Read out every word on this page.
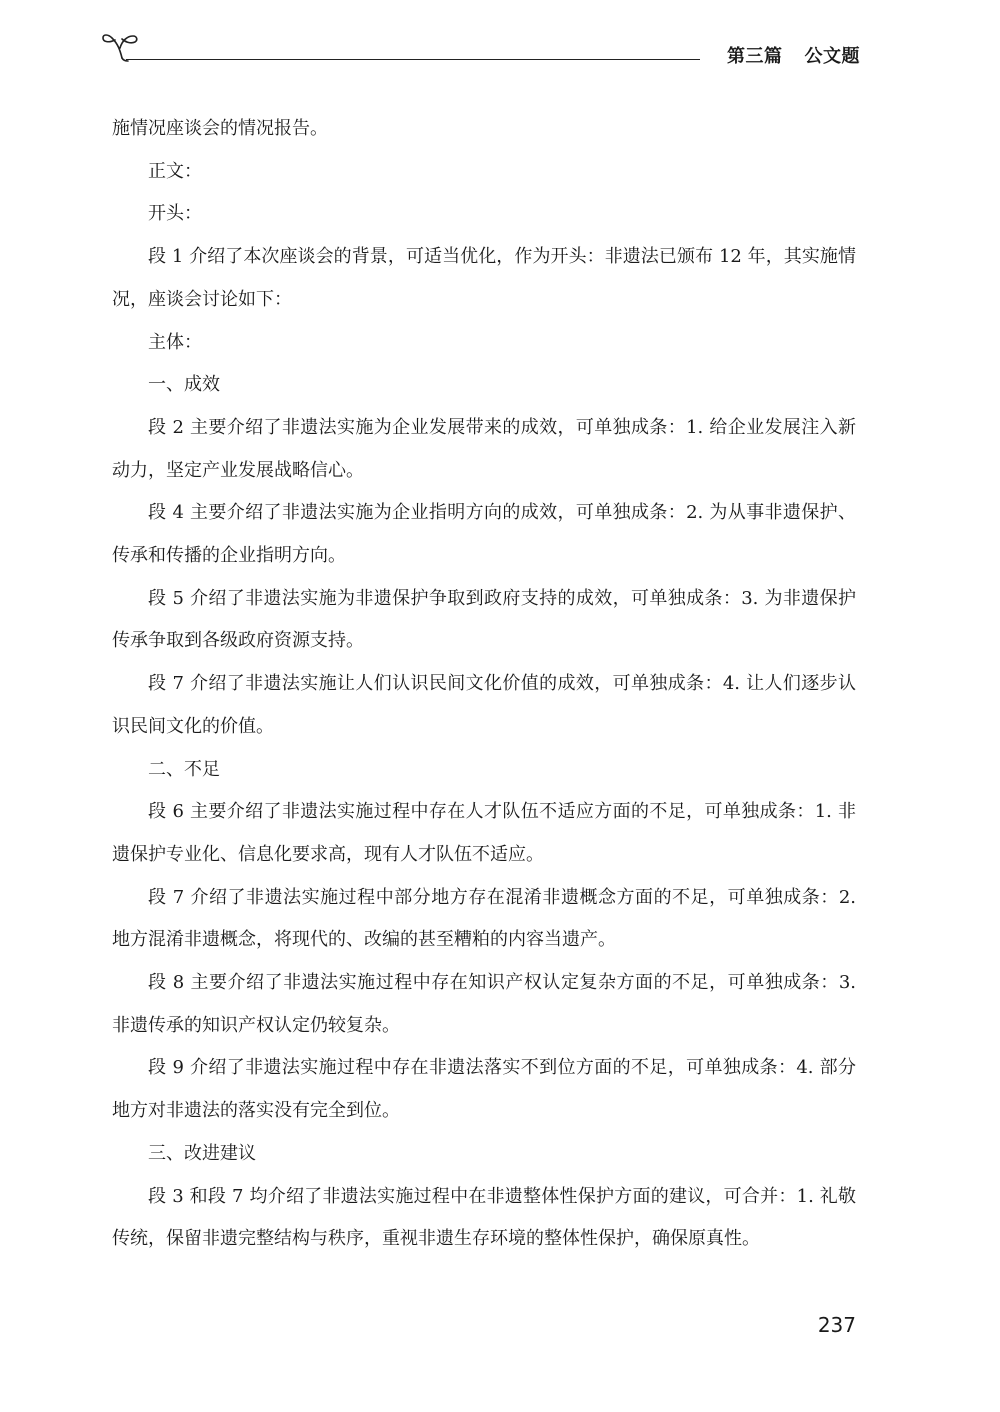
第三篇 公文题

施情况座谈会的情况报告。

正文：

开头：

段 1 介绍了本次座谈会的背景，可适当优化，作为开头：非遗法已颁布 12 年，其实施情况，座谈会讨论如下：

主体：

一、成效

段 2 主要介绍了非遗法实施为企业发展带来的成效，可单独成条：1. 给企业发展注入新动力，坚定产业发展战略信心。

段 4 主要介绍了非遗法实施为企业指明方向的成效，可单独成条：2. 为从事非遗保护、传承和传播的企业指明方向。

段 5 介绍了非遗法实施为非遗保护争取到政府支持的成效，可单独成条：3. 为非遗保护传承争取到各级政府资源支持。

段 7 介绍了非遗法实施让人们认识民间文化价值的成效，可单独成条：4. 让人们逐步认识民间文化的价值。

二、不足

段 6 主要介绍了非遗法实施过程中存在人才队伍不适应方面的不足，可单独成条：1. 非遗保护专业化、信息化要求高，现有人才队伍不适应。

段 7 介绍了非遗法实施过程中部分地方存在混淆非遗概念方面的不足，可单独成条：2. 地方混淆非遗概念，将现代的、改编的甚至糟粕的内容当遗产。

段 8 主要介绍了非遗法实施过程中存在知识产权认定复杂方面的不足，可单独成条：3. 非遗传承的知识产权认定仍较复杂。

段 9 介绍了非遗法实施过程中存在非遗法落实不到位方面的不足，可单独成条：4. 部分地方对非遗法的落实没有完全到位。

三、改进建议

段 3 和段 7 均介绍了非遗法实施过程中在非遗整体性保护方面的建议，可合并：1. 礼敬传统，保留非遗完整结构与秩序，重视非遗生存环境的整体性保护，确保原真性。

237
